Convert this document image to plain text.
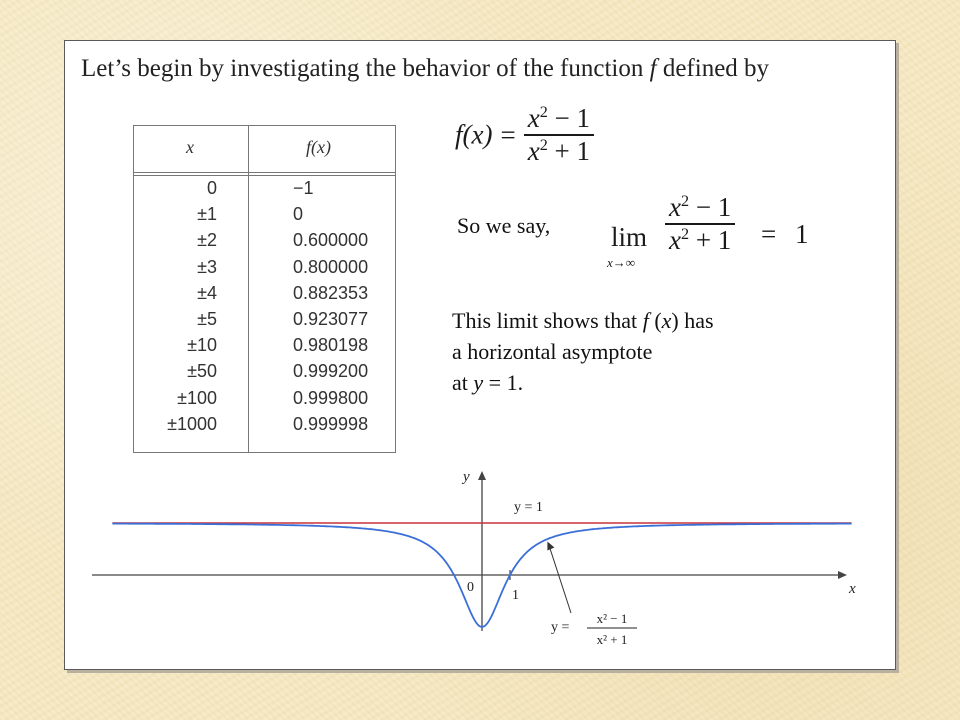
Let’s begin by investigating the behavior of the function f defined by
x	f(x)
0	−1
±1	0
±2	0.600000
±3	0.800000
±4	0.882353
±5	0.923077
±10	0.980198
±50	0.999200
±100	0.999800
±1000	0.999998
$f(x) = \frac{x^2 - 1}{x^2 + 1}$
So we say, lim
x→∞
$\frac{x^2 - 1}{x^2 + 1} = 1$

This limit shows that f (x) has

a horizontal asymptote

at y = 1.

y
x
0
1
y = 1
y =
x² − 1
x² + 1
